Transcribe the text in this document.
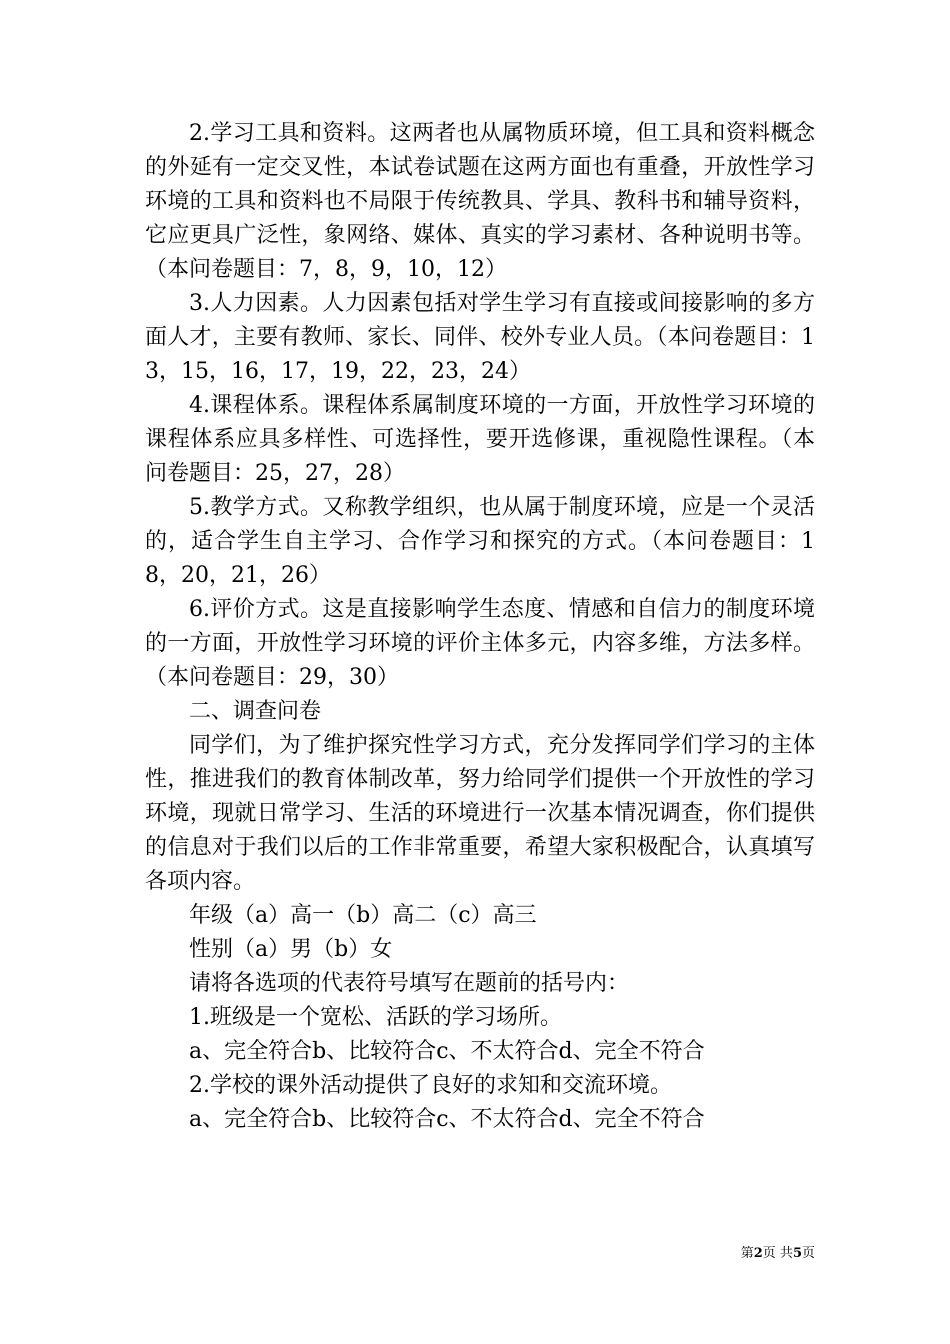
2.学习工具和资料。这两者也从属物质环境，但工具和资料概念的外延有一定交叉性，本试卷试题在这两方面也有重叠，开放性学习环境的工具和资料也不局限于传统教具、学具、教科书和辅导资料，它应更具广泛性，象网络、媒体、真实的学习素材、各种说明书等。（本问卷题目：7，8，9，10，12）

3.人力因素。人力因素包括对学生学习有直接或间接影响的多方面人才，主要有教师、家长、同伴、校外专业人员。（本问卷题目：13，15，16，17，19，22，23，24）

4.课程体系。课程体系属制度环境的一方面，开放性学习环境的课程体系应具多样性、可选择性，要开选修课，重视隐性课程。（本问卷题目：25，27，28）

5.教学方式。又称教学组织，也从属于制度环境，应是一个灵活的，适合学生自主学习、合作学习和探究的方式。（本问卷题目：18，20，21，26）

6.评价方式。这是直接影响学生态度、情感和自信力的制度环境的一方面，开放性学习环境的评价主体多元，内容多维，方法多样。（本问卷题目：29，30）

二、调查问卷

同学们，为了维护探究性学习方式，充分发挥同学们学习的主体性，推进我们的教育体制改革，努力给同学们提供一个开放性的学习环境，现就日常学习、生活的环境进行一次基本情况调查，你们提供的信息对于我们以后的工作非常重要，希望大家积极配合，认真填写各项内容。

年级（a）高一（b）高二（c）高三

性别（a）男（b）女

请将各选项的代表符号填写在题前的括号内：

1.班级是一个宽松、活跃的学习场所。

a、完全符合b、比较符合c、不太符合d、完全不符合

2.学校的课外活动提供了良好的求知和交流环境。

a、完全符合b、比较符合c、不太符合d、完全不符合

第2页 共5页
